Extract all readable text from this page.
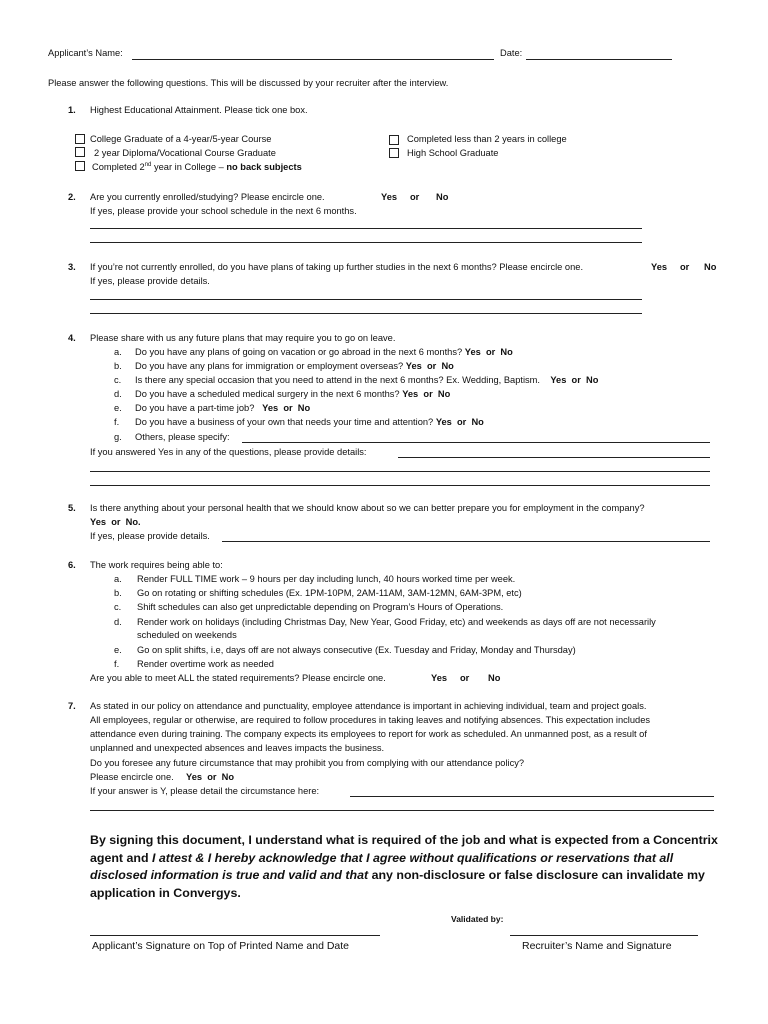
Applicant’s Name:	Date:
Please answer the following questions. This will be discussed by your recruiter after the interview.
1. Highest Educational Attainment. Please tick one box.
College Graduate of a 4-year/5-year Course
2 year Diploma/Vocational Course Graduate
Completed 2nd year in College – no back subjects
Completed less than 2 years in college
High School Graduate
2. Are you currently enrolled/studying? Please encircle one.	Yes or No
If yes, please provide your school schedule in the next 6 months.
3. If you’re not currently enrolled, do you have plans of taking up further studies in the next 6 months? Please encircle one.	Yes or No
If yes, please provide details.
4. Please share with us any future plans that may require you to go on leave.
a. Do you have any plans of going on vacation or go abroad in the next 6 months? Yes  or  No
b. Do you have any plans for immigration or employment overseas? Yes  or  No
c. Is there any special occasion that you need to attend in the next 6 months? Ex. Wedding, Baptism. Yes  or  No
d. Do you have a scheduled medical surgery in the next 6 months? Yes  or  No
e. Do you have a part-time job? Yes  or  No
f. Do you have a business of your own that needs your time and attention? Yes  or  No
g. Others, please specify:
If you answered Yes in any of the questions, please provide details:
5. Is there anything about your personal health that we should know about so we can better prepare you for employment in the company?
Yes  or  No.
If yes, please provide details.
6. The work requires being able to:
a. Render FULL TIME work – 9 hours per day including lunch, 40 hours worked time per week.
b. Go on rotating or shifting schedules (Ex. 1PM-10PM, 2AM-11AM, 3AM-12MN, 6AM-3PM, etc)
c. Shift schedules can also get unpredictable depending on Program’s Hours of Operations.
d. Render work on holidays (including Christmas Day, New Year, Good Friday, etc) and weekends as days off are not necessarily
scheduled on weekends
e. Go on split shifts, i.e, days off are not always consecutive (Ex. Tuesday and Friday, Monday and Thursday)
f. Render overtime work as needed
Are you able to meet ALL the stated requirements? Please encircle one.	Yes or No
7. As stated in our policy on attendance and punctuality, employee attendance is important in achieving individual, team and project goals.
All employees, regular or otherwise, are required to follow procedures in taking leaves and notifying absences. This expectation includes
attendance even during training. The company expects its employees to report for work as scheduled. An unmanned post, as a result of
unplanned and unexpected absences and leaves impacts the business.
Do you foresee any future circumstance that may prohibit you from complying with our attendance policy?
Please encircle one. Yes  or  No
If your answer is Y, please detail the circumstance here:
By signing this document, I understand what is required of the job and what is expected from a Concentrix agent and I attest & I hereby acknowledge that I agree without qualifications or reservations that all disclosed information is true and valid and that any non-disclosure or false disclosure can invalidate my application in Convergys.
Validated by:
Applicant’s Signature on Top of Printed Name and Date	Recruiter’s Name and Signature
